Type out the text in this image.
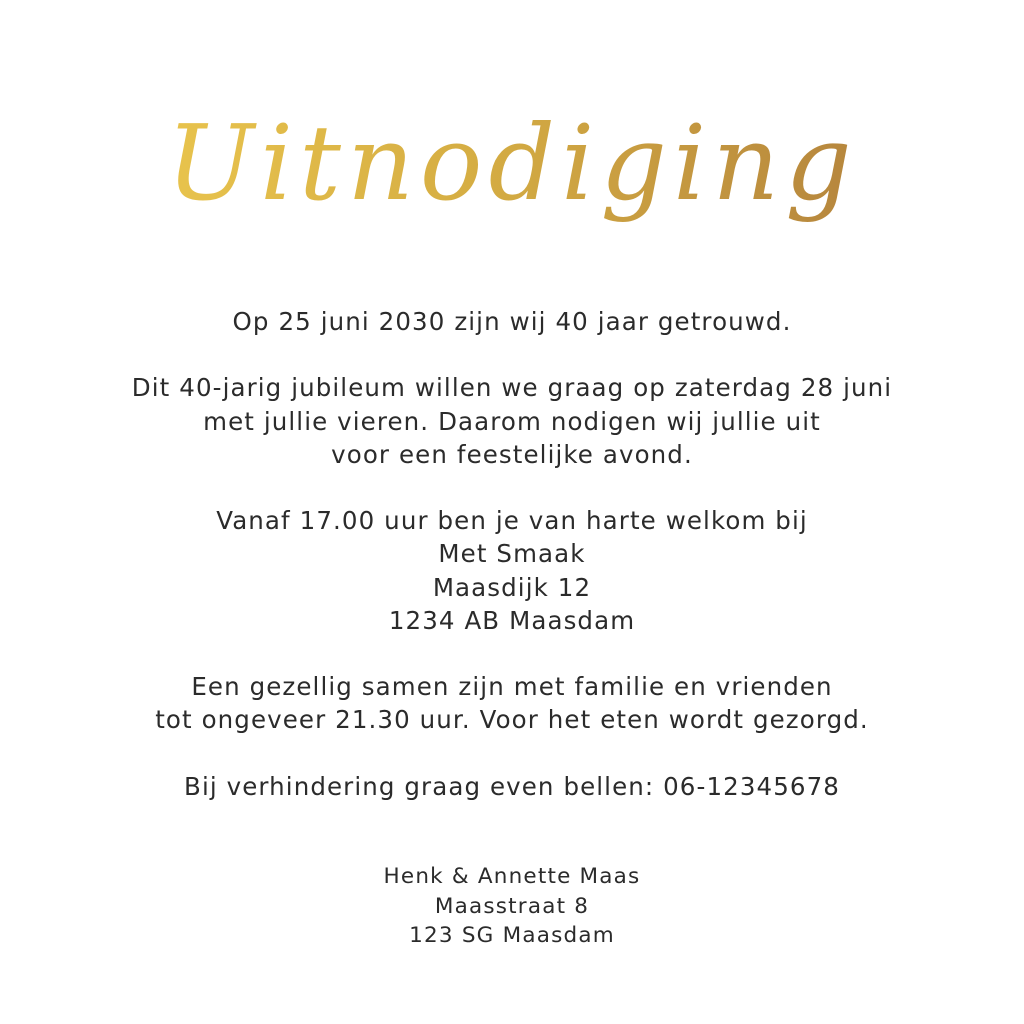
Uitnodiging

Op 25 juni 2030 zijn wij 40 jaar getrouwd.

Dit 40-jarig jubileum willen we graag op zaterdag 28 juni
met jullie vieren. Daarom nodigen wij jullie uit
voor een feestelijke avond.

Vanaf 17.00 uur ben je van harte welkom bij
Met Smaak
Maasdijk 12
1234 AB Maasdam

Een gezellig samen zijn met familie en vrienden
tot ongeveer 21.30 uur. Voor het eten wordt gezorgd.

Bij verhindering graag even bellen: 06-12345678

Henk & Annette Maas
Maasstraat 8
123 SG Maasdam
